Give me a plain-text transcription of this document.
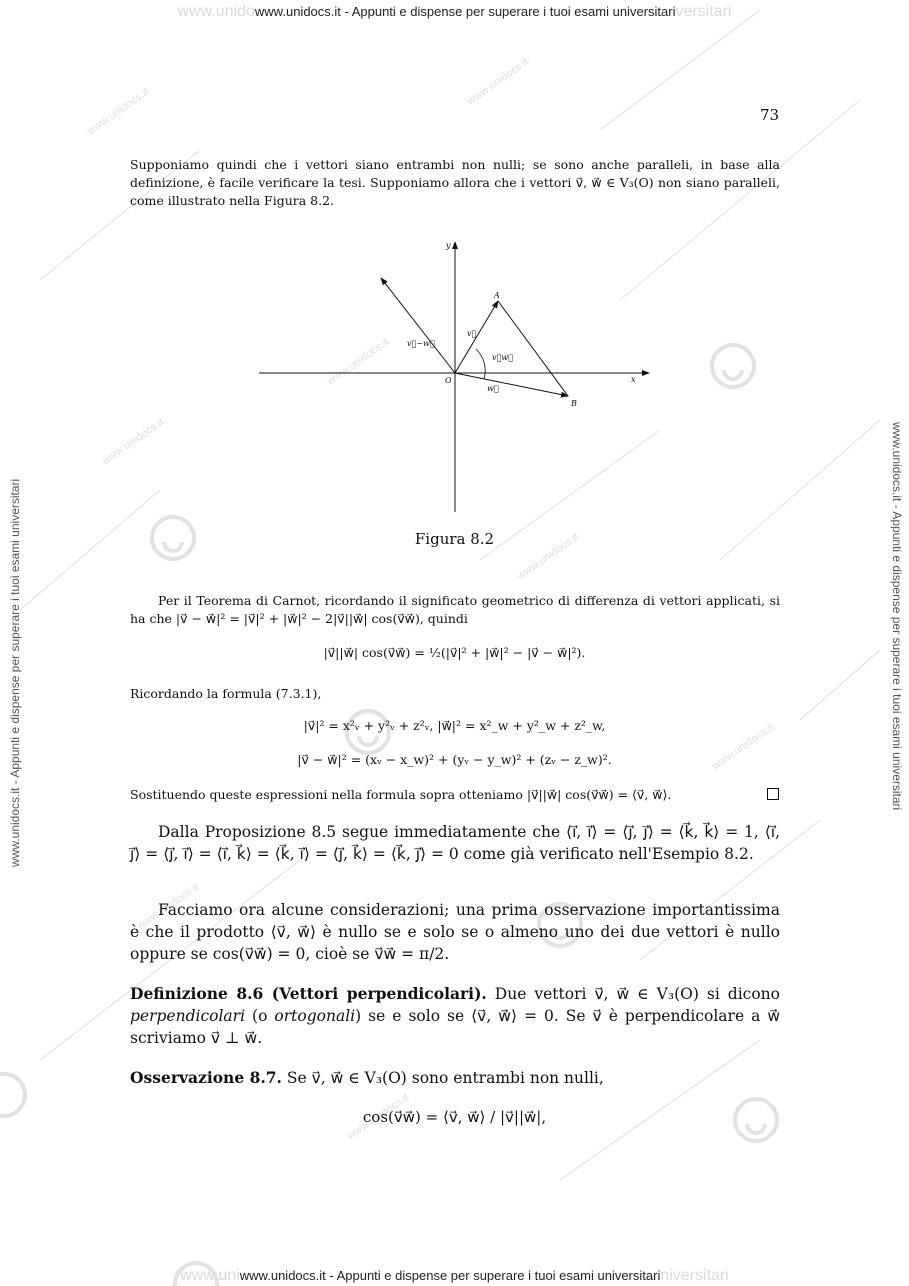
www.unidocs.it
www.unidocs.it
www.unidocs.it
www.unidocs.it
www.unidocs.it
www.unidocs.it
www.unidocs.it
www.unidocs.it
www.unidowww.unidocs.it - Appunti e dispense per superare i tuoi esami universitariversitari
www.uniwww.unidocs.it - Appunti e dispense per superare i tuoi esami universitariniversitari
www.unidocs.it - Appunti e dispense per superare i tuoi esami universitari	www.unidocs.it - Appunti e dispense per superare i tuoi esami universitari
73
Supponiamo quindi che i vettori siano entrambi non nulli; se sono anche paralleli, in base alla definizione, è facile verificare la tesi. Supponiamo allora che i vettori v⃗, w⃗ ∈ V₃(O) non siano paralleli, come illustrato nella Figura 8.2.
y
x
O
A
B
v⃗
w⃗
v⃗−w⃗
v⃗w⃗
Figura 8.2
Per il Teorema di Carnot, ricordando il significato geometrico di differenza di vettori applicati, si ha che |v⃗ − w⃗|² = |v⃗|² + |w⃗|² − 2|v⃗||w⃗| cos(v⃗w⃗), quindi
|v⃗||w⃗| cos(v⃗w⃗) = ½(|v⃗|² + |w⃗|² − |v⃗ − w⃗|²).
Ricordando la formula (7.3.1),
|v⃗|² = x²ᵥ + y²ᵥ + z²ᵥ, |w⃗|² = x²_w + y²_w + z²_w,
|v⃗ − w⃗|² = (xᵥ − x_w)² + (yᵥ − y_w)² + (zᵥ − z_w)².
Sostituendo queste espressioni nella formula sopra otteniamo |v⃗||w⃗| cos(v⃗w⃗) = ⟨v⃗, w⃗⟩.
Dalla Proposizione 8.5 segue immediatamente che ⟨ı⃗, ı⃗⟩ = ⟨ȷ⃗, ȷ⃗⟩ = ⟨k⃗, k⃗⟩ = 1, ⟨ı⃗, ȷ⃗⟩ = ⟨ȷ⃗, ı⃗⟩ = ⟨ı⃗, k⃗⟩ = ⟨k⃗, ı⃗⟩ = ⟨ȷ⃗, k⃗⟩ = ⟨k⃗, ȷ⃗⟩ = 0 come già verificato nell'Esempio 8.2.
Facciamo ora alcune considerazioni; una prima osservazione importantissima è che il prodotto ⟨v⃗, w⃗⟩ è nullo se e solo se o almeno uno dei due vettori è nullo oppure se cos(v⃗w⃗) = 0, cioè se v⃗w⃗ = π/2.
Definizione 8.6 (Vettori perpendicolari). Due vettori v⃗, w⃗ ∈ V₃(O) si dicono perpendicolari (o ortogonali) se e solo se ⟨v⃗, w⃗⟩ = 0. Se v⃗ è perpendicolare a w⃗ scriviamo v⃗ ⊥ w⃗.
Osservazione 8.7. Se v⃗, w⃗ ∈ V₃(O) sono entrambi non nulli,
cos(v⃗w⃗) = ⟨v⃗, w⃗⟩ / |v⃗||w⃗|,
